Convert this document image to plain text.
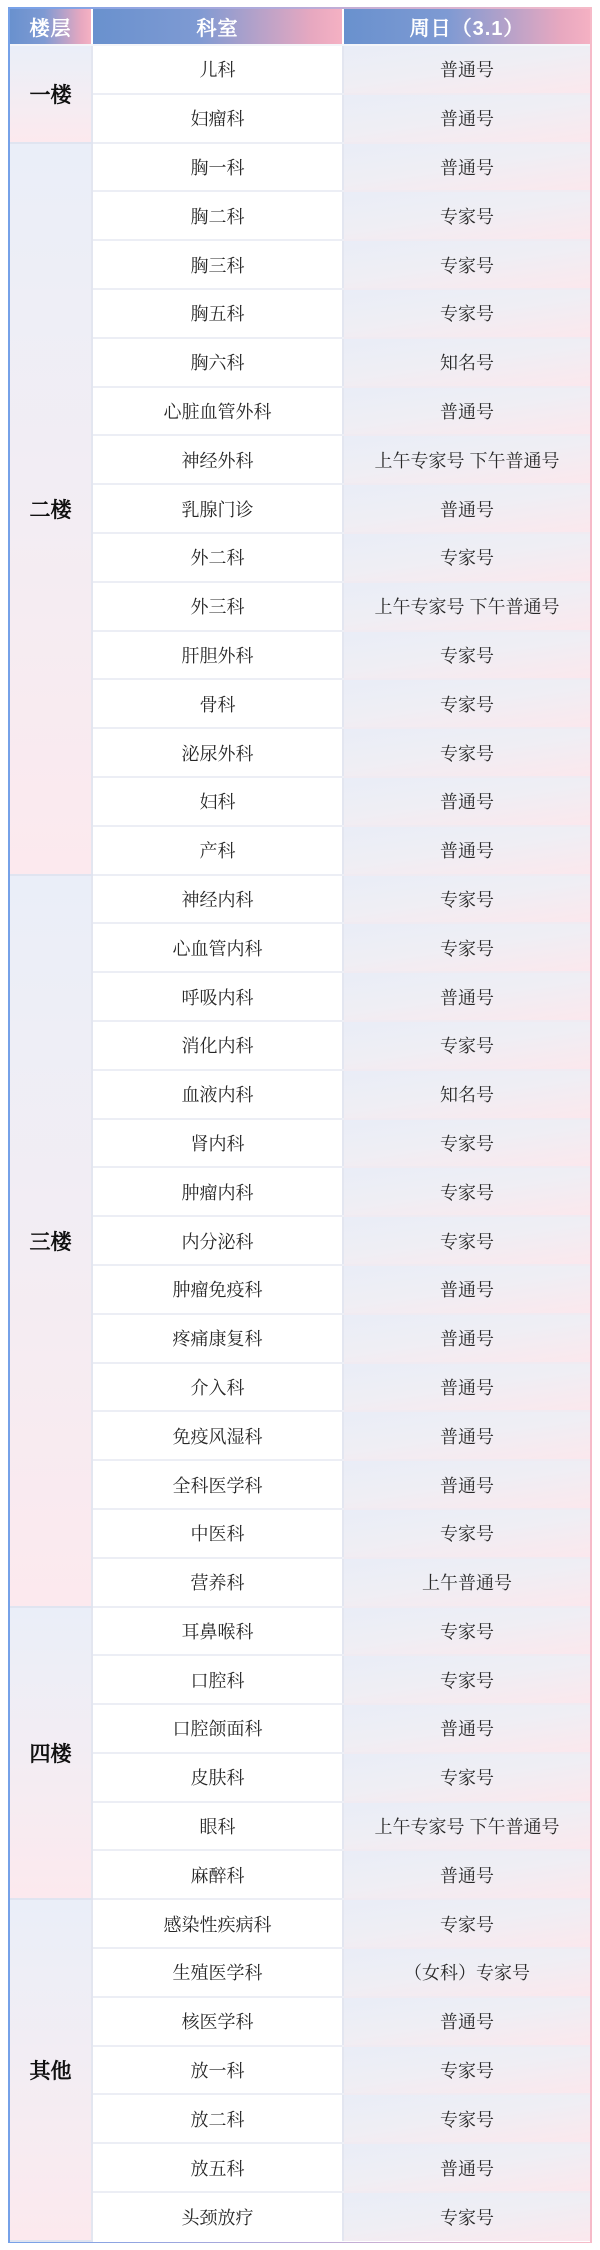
楼层	科室	周日（3.1）
一楼	儿科	普通号
	妇瘤科	普通号
二楼	胸一科	普通号
	胸二科	专家号
	胸三科	专家号
	胸五科	专家号
	胸六科	知名号
	心脏血管外科	普通号
	神经外科	上午专家号 下午普通号
	乳腺门诊	普通号
	外二科	专家号
	外三科	上午专家号 下午普通号
	肝胆外科	专家号
	骨科	专家号
	泌尿外科	专家号
	妇科	普通号
	产科	普通号
三楼	神经内科	专家号
	心血管内科	专家号
	呼吸内科	普通号
	消化内科	专家号
	血液内科	知名号
	肾内科	专家号
	肿瘤内科	专家号
	内分泌科	专家号
	肿瘤免疫科	普通号
	疼痛康复科	普通号
	介入科	普通号
	免疫风湿科	普通号
	全科医学科	普通号
	中医科	专家号
	营养科	上午普通号
四楼	耳鼻喉科	专家号
	口腔科	专家号
	口腔颌面科	普通号
	皮肤科	专家号
	眼科	上午专家号 下午普通号
	麻醉科	普通号
其他	感染性疾病科	专家号
	生殖医学科	（女科）专家号
	核医学科	普通号
	放一科	专家号
	放二科	专家号
	放五科	普通号
	头颈放疗	专家号
